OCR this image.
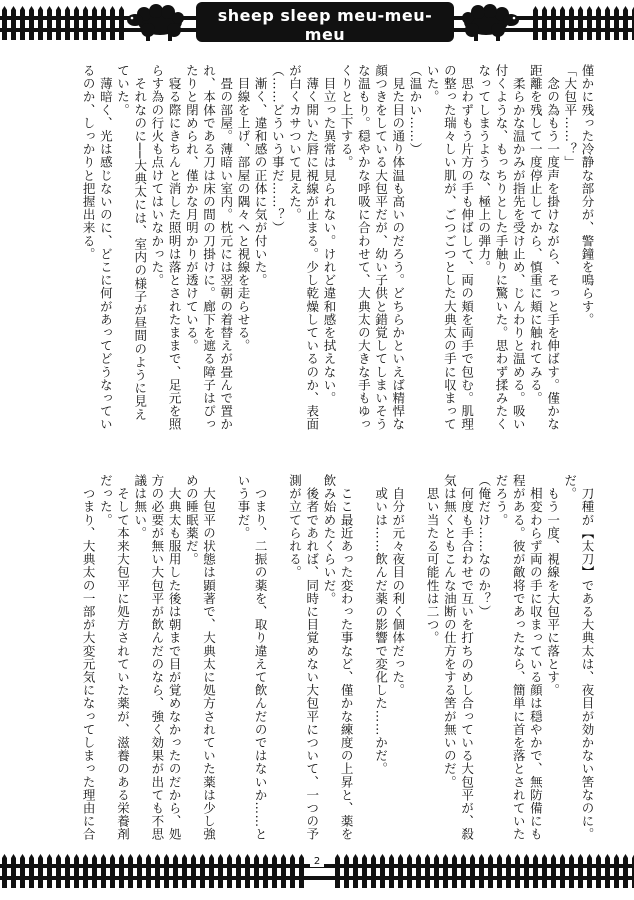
sheep sleep meu-meu-meu
僅かに残った冷静な部分が、警鐘を鳴らす。
「大包平……？」
　念の為もう一度声を掛けながら、そっと手を伸ばす。僅かな
距離を残して一度停止してから、慎重に頬に触れてみる。
　柔らかな温かみが指先を受け止め、じんわりと温める。吸い
付くような、もっちりとした手触りに驚いた。思わず揉みたく
なってしまうような、極上の弾力。
　思わずもう片方の手も伸ばして、両の頬を両手で包む。肌理
の整った瑞々しい肌が、ごつごつとした大典太の手に収まって
いた。
（温かい……）
　見た目の通り体温も高いのだろう。どちらかといえば精悍な
顔つきをしている大包平だが、幼い子供と錯覚してしまいそう
な温もり。穏やかな呼吸に合わせて、大典太の大きな手もゆっ
くりと上下する。
　目立った異常は見られない。けれど違和感を拭えない。
　薄く開いた唇に視線が止まる。少し乾燥しているのか、表面
が白くカサついて見えた。
（……どういう事だ……？）
　漸く、違和感の正体に気が付いた。
　目線を上げ、部屋の隅々へと視線を走らせる。
　畳の部屋。薄暗い室内。枕元には翌朝の着替えが畳んで置か
れ、本体である刀は床の間の刀掛けに。廊下を遮る障子はぴっ
たりと閉められ、僅かな月明かりが透けている。
　寝る際にきちんと消した照明は落とされたままで、足元を照
らす為の行火も点けてはいなかった。
　それなのに──大典太には、室内の様子が昼間のように見え
ていた。
　薄暗く、光は感じないのに、どこに何があってどうなってい
るのか、しっかりと把握出来る。
　刀種が【太刀】である大典太は、夜目が効かない筈なのに。
だ。
　もう一度、視線を大包平に落とす。
　相変わらず両の手に収まっている顔は穏やかで、無防備にも
程がある。彼が敵将であったなら、簡単に首を落とされていた
だろう。
（俺だけ……なのか？）
　何度も手合わせで互いを打ちのめし合っている大包平が、殺
気は無くともこんな油断の仕方をする筈が無いのだ。
　思い当たる可能性は二つ。

　自分が元々夜目の利く個体だった。
　或いは……飲んだ薬の影響で変化した……かだ。

　ここ最近あった変わった事など、僅かな練度の上昇と、薬を
飲み始めたくらいだ。
　後者であれば、同時に目覚めない大包平について、一つの予
測が立てられる。

　つまり、二振の薬を、取り違えて飲んだのではないか……と
いう事だ。

　大包平の状態は顕著で、大典太に処方されていた薬は少し強
めの睡眠薬だ。
　大典太も服用した後は朝まで目が覚めなかったのだから、処
方の必要が無い大包平が飲んだのなら、強く効果が出ても不思
議は無い。
　そして本来大包平に処方されていた薬が、滋養のある栄養剤
だった。
　つまり、大典太の一部が大変元気になってしまった理由に合
2
